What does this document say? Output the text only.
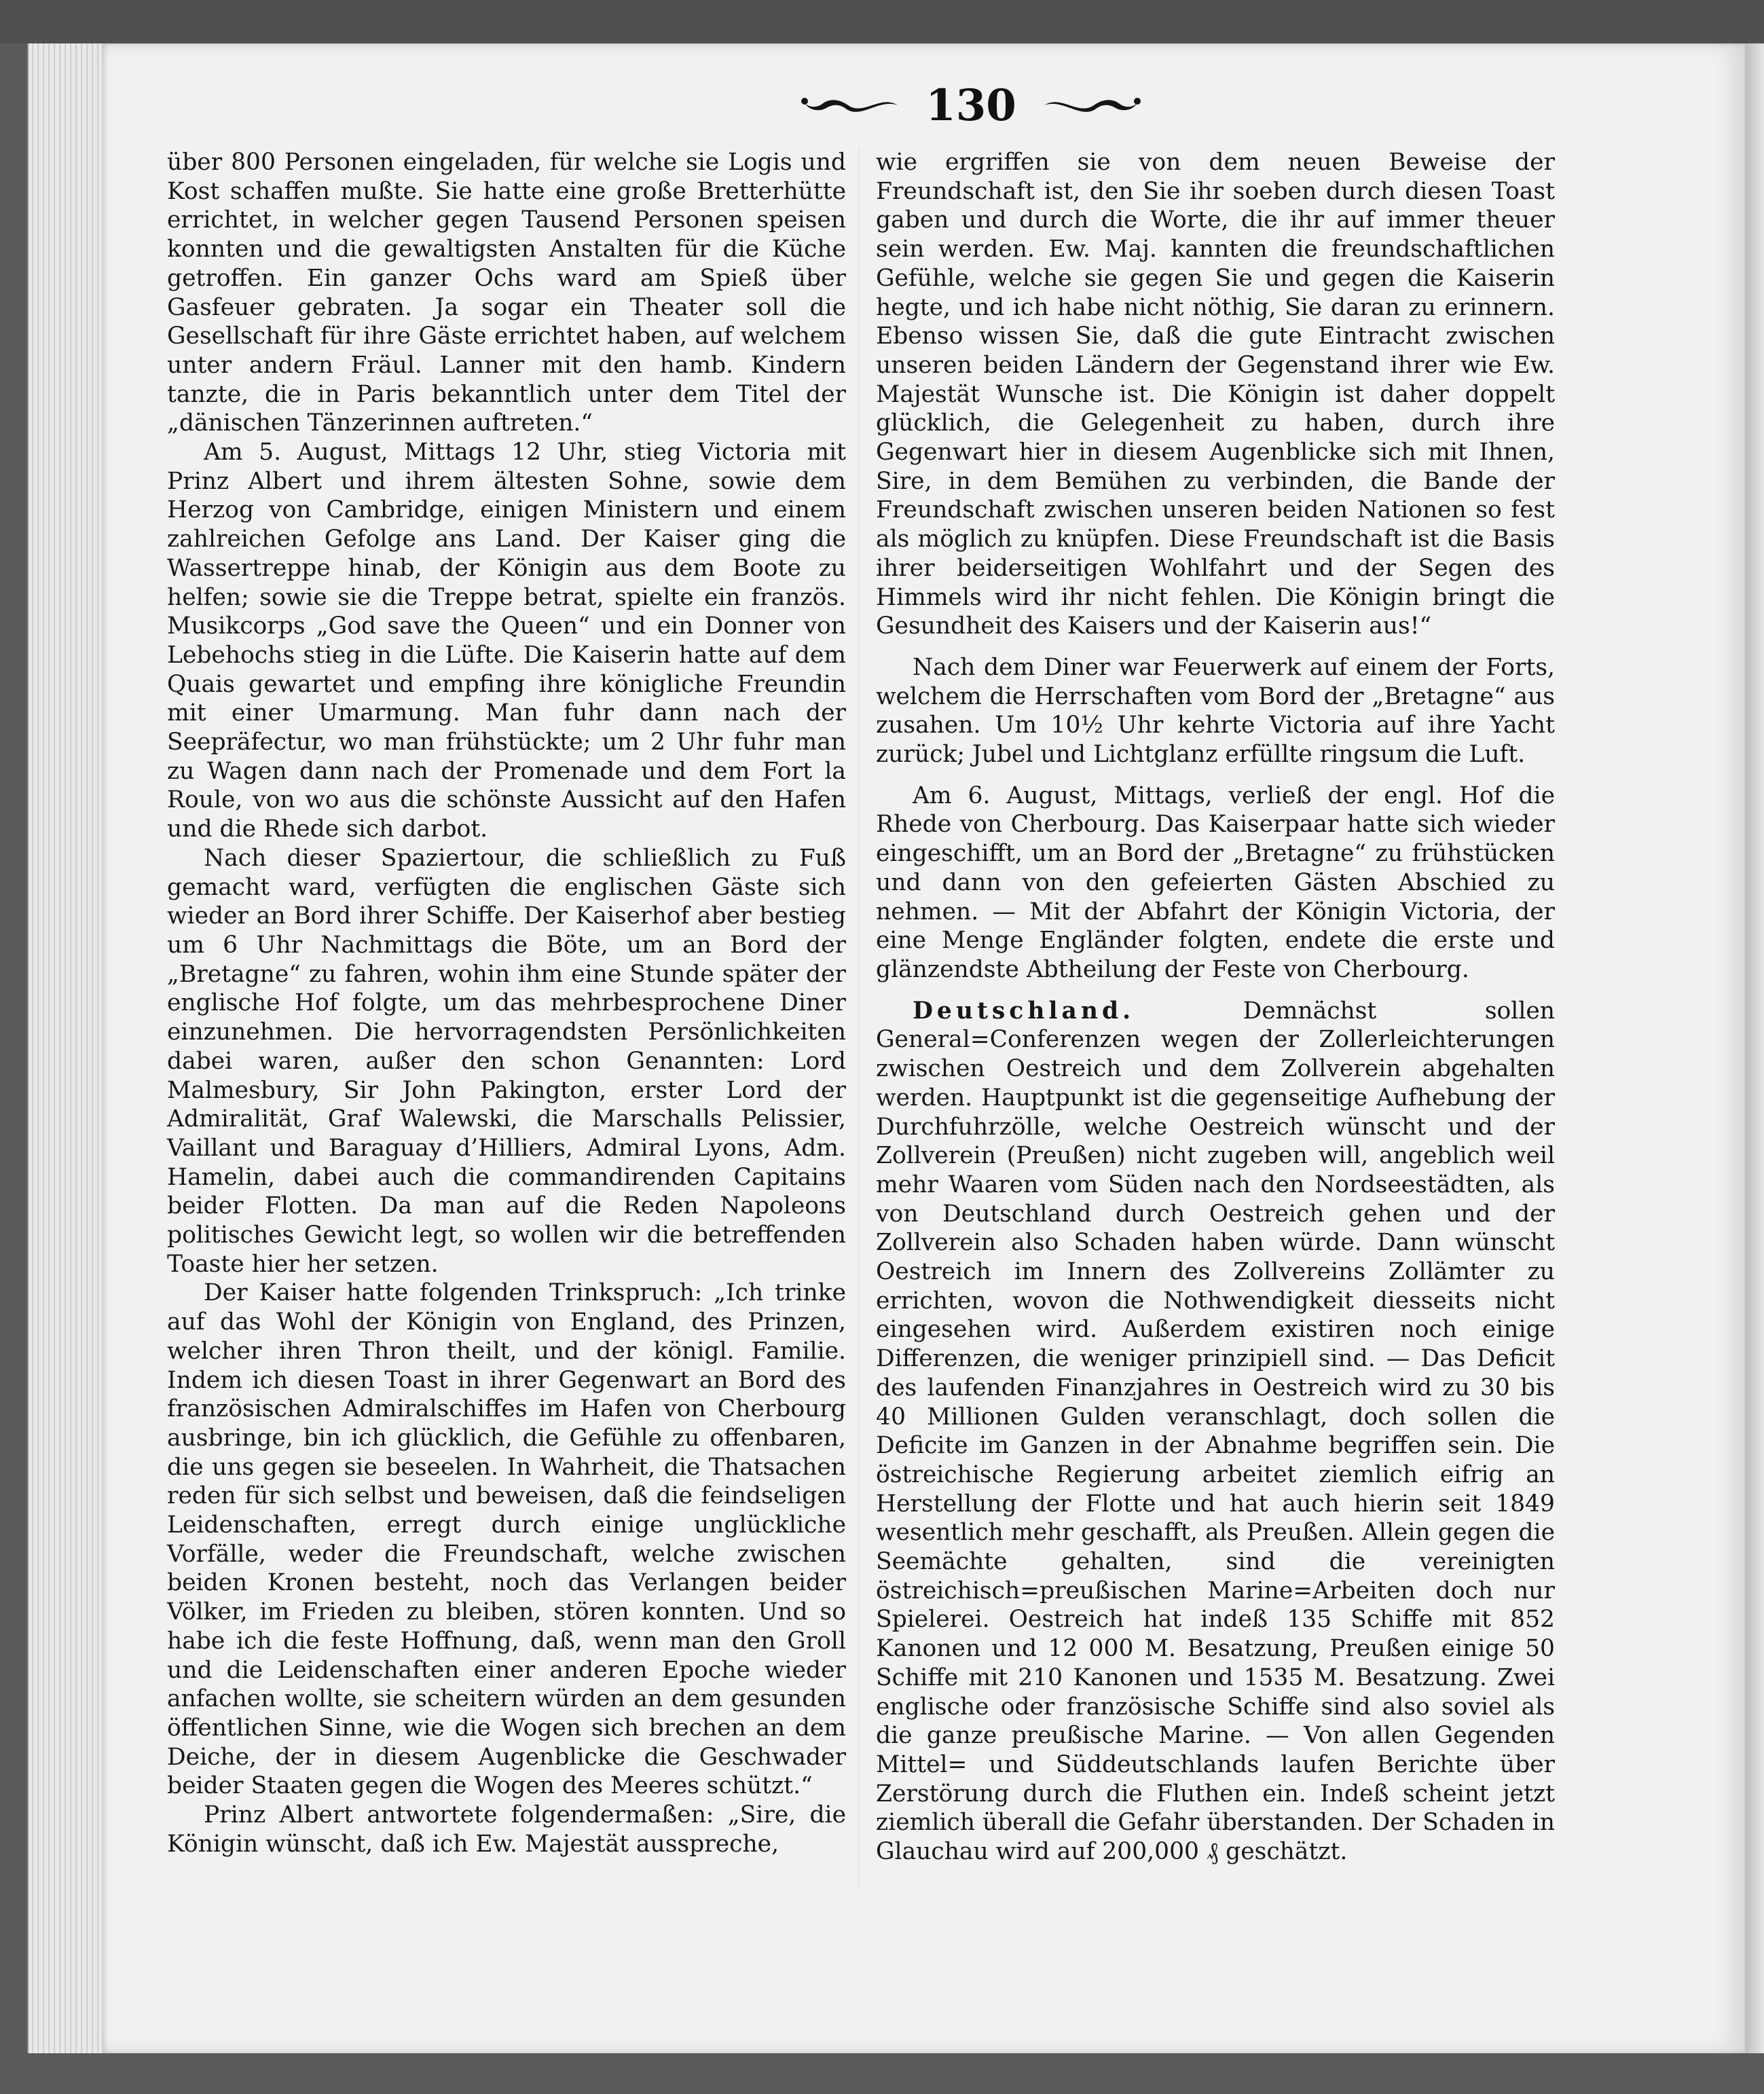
130

über 800 Personen eingeladen, für welche sie Logis und Kost schaffen mußte. Sie hatte eine große Bretterhütte errichtet, in welcher gegen Tausend Personen speisen konnten und die gewaltigsten Anstalten für die Küche getroffen. Ein ganzer Ochs ward am Spieß über Gasfeuer gebraten. Ja sogar ein Theater soll die Gesellschaft für ihre Gäste errichtet haben, auf welchem unter andern Fräul. Lanner mit den hamb. Kindern tanzte, die in Paris bekanntlich unter dem Titel der „dänischen Tänzerinnen auftreten.“

Am 5. August, Mittags 12 Uhr, stieg Victoria mit Prinz Albert und ihrem ältesten Sohne, sowie dem Herzog von Cambridge, einigen Ministern und einem zahlreichen Gefolge ans Land. Der Kaiser ging die Wassertreppe hinab, der Königin aus dem Boote zu helfen; sowie sie die Treppe betrat, spielte ein französ. Musikcorps „God save the Queen“ und ein Donner von Lebehochs stieg in die Lüfte. Die Kaiserin hatte auf dem Quais gewartet und empfing ihre königliche Freundin mit einer Umarmung. Man fuhr dann nach der Seepräfectur, wo man frühstückte; um 2 Uhr fuhr man zu Wagen dann nach der Promenade und dem Fort la Roule, von wo aus die schönste Aussicht auf den Hafen und die Rhede sich darbot.

Nach dieser Spaziertour, die schließlich zu Fuß gemacht ward, verfügten die englischen Gäste sich wieder an Bord ihrer Schiffe. Der Kaiserhof aber bestieg um 6 Uhr Nachmittags die Böte, um an Bord der „Bretagne“ zu fahren, wohin ihm eine Stunde später der englische Hof folgte, um das mehrbesprochene Diner einzunehmen. Die hervorragendsten Persönlichkeiten dabei waren, außer den schon Genannten: Lord Malmesbury, Sir John Pakington, erster Lord der Admiralität, Graf Walewski, die Marschalls Pelissier, Vaillant und Baraguay d’Hilliers, Admiral Lyons, Adm. Hamelin, dabei auch die commandirenden Capitains beider Flotten. Da man auf die Reden Napoleons politisches Gewicht legt, so wollen wir die betreffenden Toaste hier her setzen.

Der Kaiser hatte folgenden Trinkspruch: „Ich trinke auf das Wohl der Königin von England, des Prinzen, welcher ihren Thron theilt, und der königl. Familie. Indem ich diesen Toast in ihrer Gegenwart an Bord des französischen Admiralschiffes im Hafen von Cherbourg ausbringe, bin ich glücklich, die Gefühle zu offenbaren, die uns gegen sie beseelen. In Wahrheit, die Thatsachen reden für sich selbst und beweisen, daß die feindseligen Leidenschaften, erregt durch einige unglückliche Vorfälle, weder die Freundschaft, welche zwischen beiden Kronen besteht, noch das Verlangen beider Völker, im Frieden zu bleiben, stören konnten. Und so habe ich die feste Hoffnung, daß, wenn man den Groll und die Leidenschaften einer anderen Epoche wieder anfachen wollte, sie scheitern würden an dem gesunden öffentlichen Sinne, wie die Wogen sich brechen an dem Deiche, der in diesem Augenblicke die Geschwader beider Staaten gegen die Wogen des Meeres schützt.“

Prinz Albert antwortete folgendermaßen: „Sire, die Königin wünscht, daß ich Ew. Majestät ausspreche,

wie ergriffen sie von dem neuen Beweise der Freundschaft ist, den Sie ihr soeben durch diesen Toast gaben und durch die Worte, die ihr auf immer theuer sein werden. Ew. Maj. kannten die freundschaftlichen Gefühle, welche sie gegen Sie und gegen die Kaiserin hegte, und ich habe nicht nöthig, Sie daran zu erinnern. Ebenso wissen Sie, daß die gute Eintracht zwischen unseren beiden Ländern der Gegenstand ihrer wie Ew. Majestät Wunsche ist. Die Königin ist daher doppelt glücklich, die Gelegenheit zu haben, durch ihre Gegenwart hier in diesem Augenblicke sich mit Ihnen, Sire, in dem Bemühen zu verbinden, die Bande der Freundschaft zwischen unseren beiden Nationen so fest als möglich zu knüpfen. Diese Freundschaft ist die Basis ihrer beiderseitigen Wohlfahrt und der Segen des Himmels wird ihr nicht fehlen. Die Königin bringt die Gesundheit des Kaisers und der Kaiserin aus!“

Nach dem Diner war Feuerwerk auf einem der Forts, welchem die Herrschaften vom Bord der „Bretagne“ aus zusahen. Um 10½ Uhr kehrte Victoria auf ihre Yacht zurück; Jubel und Lichtglanz erfüllte ringsum die Luft.

Am 6. August, Mittags, verließ der engl. Hof die Rhede von Cherbourg. Das Kaiserpaar hatte sich wieder eingeschifft, um an Bord der „Bretagne“ zu frühstücken und dann von den gefeierten Gästen Abschied zu nehmen. — Mit der Abfahrt der Königin Victoria, der eine Menge Engländer folgten, endete die erste und glänzendste Abtheilung der Feste von Cherbourg.

Deutschland.	Demnächst sollen General=Conferenzen wegen der Zollerleichterungen zwischen Oestreich und dem Zollverein abgehalten werden. Hauptpunkt ist die gegenseitige Aufhebung der Durchfuhrzölle, welche Oestreich wünscht und der Zollverein (Preußen) nicht zugeben will, angeblich weil mehr Waaren vom Süden nach den Nordseestädten, als von Deutschland durch Oestreich gehen und der Zollverein also Schaden haben würde. Dann wünscht Oestreich im Innern des Zollvereins Zollämter zu errichten, wovon die Nothwendigkeit diesseits nicht eingesehen wird. Außerdem existiren noch einige Differenzen, die weniger prinzipiell sind. — Das Deficit des laufenden Finanzjahres in Oestreich wird zu 30 bis 40 Millionen Gulden veranschlagt, doch sollen die Deficite im Ganzen in der Abnahme begriffen sein. Die östreichische Regierung arbeitet ziemlich eifrig an Herstellung der Flotte und hat auch hierin seit 1849 wesentlich mehr geschafft, als Preußen. Allein gegen die Seemächte gehalten, sind die vereinigten östreichisch=preußischen Marine=Arbeiten doch nur Spielerei. Oestreich hat indeß 135 Schiffe mit 852 Kanonen und 12 000 M. Besatzung, Preußen einige 50 Schiffe mit 210 Kanonen und 1535 M. Besatzung. Zwei englische oder französische Schiffe sind also soviel als die ganze preußische Marine. — Von allen Gegenden Mittel= und Süddeutschlands laufen Berichte über Zerstörung durch die Fluthen ein. Indeß scheint jetzt ziemlich überall die Gefahr überstanden. Der Schaden in Glauchau wird auf 200,000 ₰ geschätzt.
